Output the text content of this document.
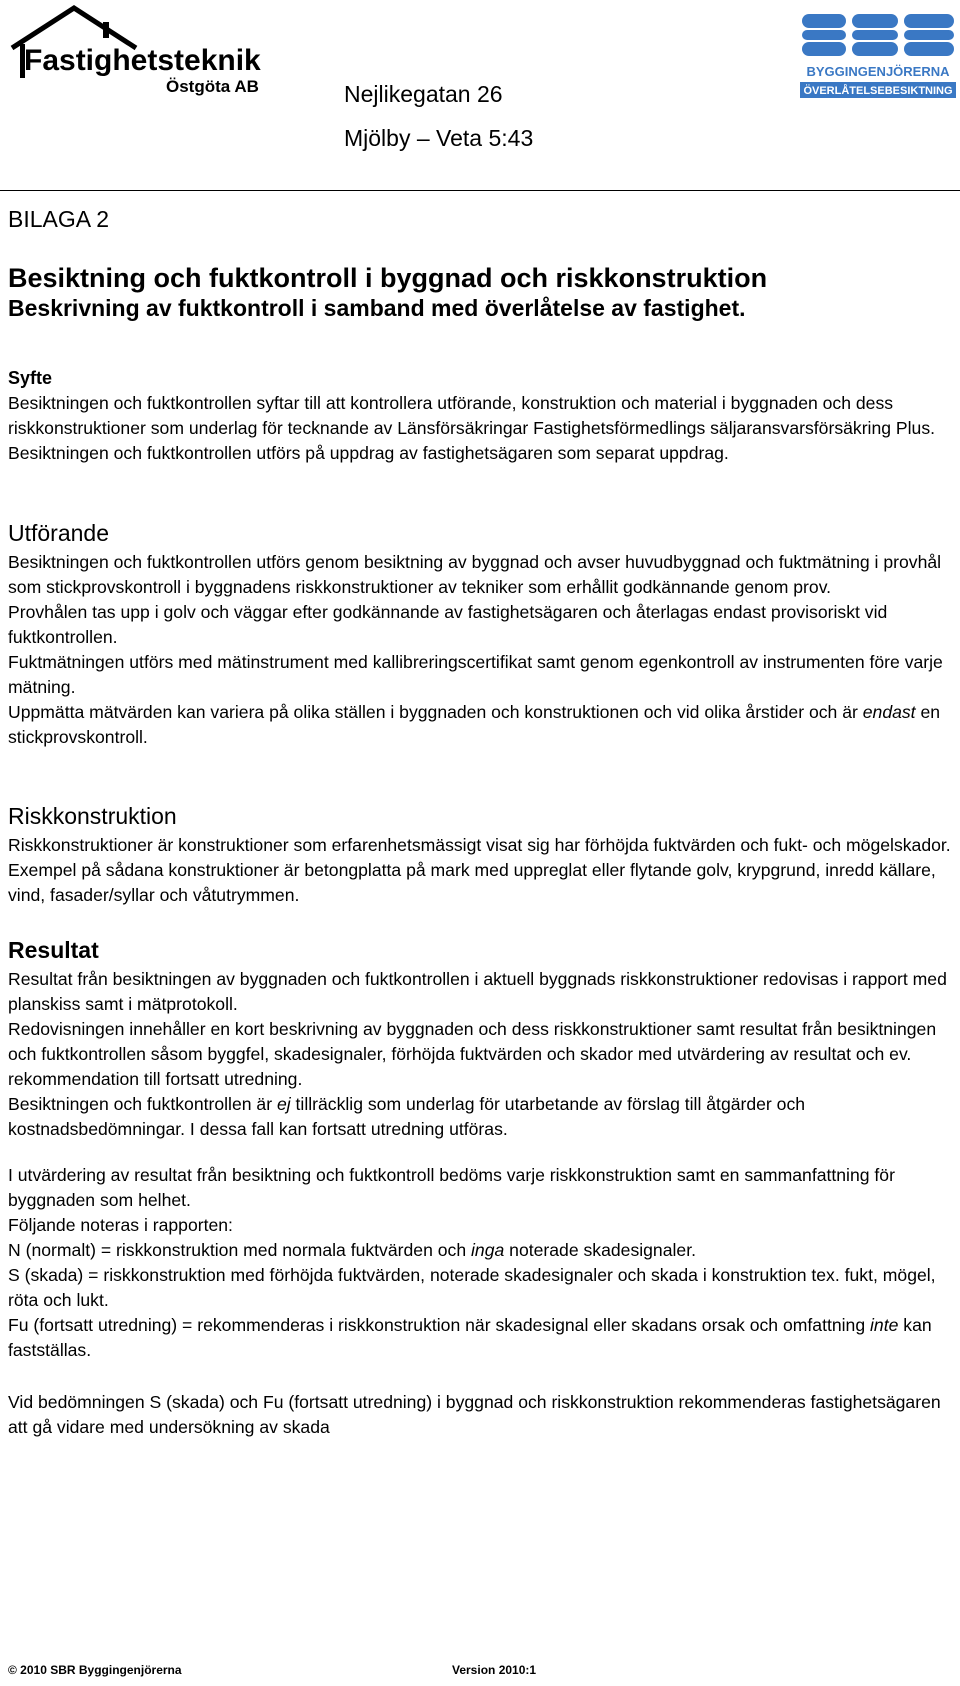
Fastighetsteknik
Östgöta AB	Nejlikegatan 26
Mjölby – Veta 5:43
BYGGINGENJÖRERNA
ÖVERLÅTELSEBESIKTNING
BILAGA 2
Besiktning och fuktkontroll i byggnad och riskkonstruktion
Beskrivning av fuktkontroll i samband med överlåtelse av fastighet.
Syfte

Besiktningen och fuktkontrollen syftar till att kontrollera utförande, konstruktion och material i byggnaden och dess riskkonstruktioner som underlag för tecknande av Länsförsäkringar Fastighetsförmedlings säljaransvarsförsäkring Plus. Besiktningen och fuktkontrollen utförs på uppdrag av fastighetsägaren som separat uppdrag.

Utförande

Besiktningen och fuktkontrollen utförs genom besiktning av byggnad och avser huvudbyggnad och fuktmätning i provhål som stickprovskontroll i byggnadens riskkonstruktioner av tekniker som erhållit godkännande genom prov.

Provhålen tas upp i golv och väggar efter godkännande av fastighetsägaren och återlagas endast provisoriskt vid fuktkontrollen.

Fuktmätningen utförs med mätinstrument med kallibreringscertifikat samt genom egenkontroll av instrumenten före varje mätning.

Uppmätta mätvärden kan variera på olika ställen i byggnaden och konstruktionen och vid olika årstider och är endast en stickprovskontroll.

Riskkonstruktion

Riskkonstruktioner är konstruktioner som erfarenhetsmässigt visat sig har förhöjda fuktvärden och fukt- och mögelskador. Exempel på sådana konstruktioner är betongplatta på mark med uppreglat eller flytande golv, krypgrund, inredd källare, vind, fasader/syllar och våtutrymmen.

Resultat

Resultat från besiktningen av byggnaden och fuktkontrollen i aktuell byggnads riskkonstruktioner redovisas i rapport med planskiss samt i mätprotokoll.

Redovisningen innehåller en kort beskrivning av byggnaden och dess riskkonstruktioner samt resultat från besiktningen och fuktkontrollen såsom byggfel, skadesignaler, förhöjda fuktvärden och skador med utvärdering av resultat och ev. rekommendation till fortsatt utredning.

Besiktningen och fuktkontrollen är ej tillräcklig som underlag för utarbetande av förslag till åtgärder och kostnadsbedömningar. I dessa fall kan fortsatt utredning utföras.

I utvärdering av resultat från besiktning och fuktkontroll bedöms varje riskkonstruktion samt en sammanfattning för byggnaden som helhet.

Följande noteras i rapporten:

N (normalt) = riskkonstruktion med normala fuktvärden och inga noterade skadesignaler.

S (skada) = riskkonstruktion med förhöjda fuktvärden, noterade skadesignaler och skada i konstruktion tex. fukt, mögel, röta och lukt.

Fu (fortsatt utredning) = rekommenderas i riskkonstruktion när skadesignal eller skadans orsak och omfattning inte kan fastställas.

Vid bedömningen S (skada) och Fu (fortsatt utredning) i byggnad och riskkonstruktion rekommenderas fastighetsägaren att gå vidare med undersökning av skada

© 2010 SBR Byggingenjörerna	Version 2010:1
